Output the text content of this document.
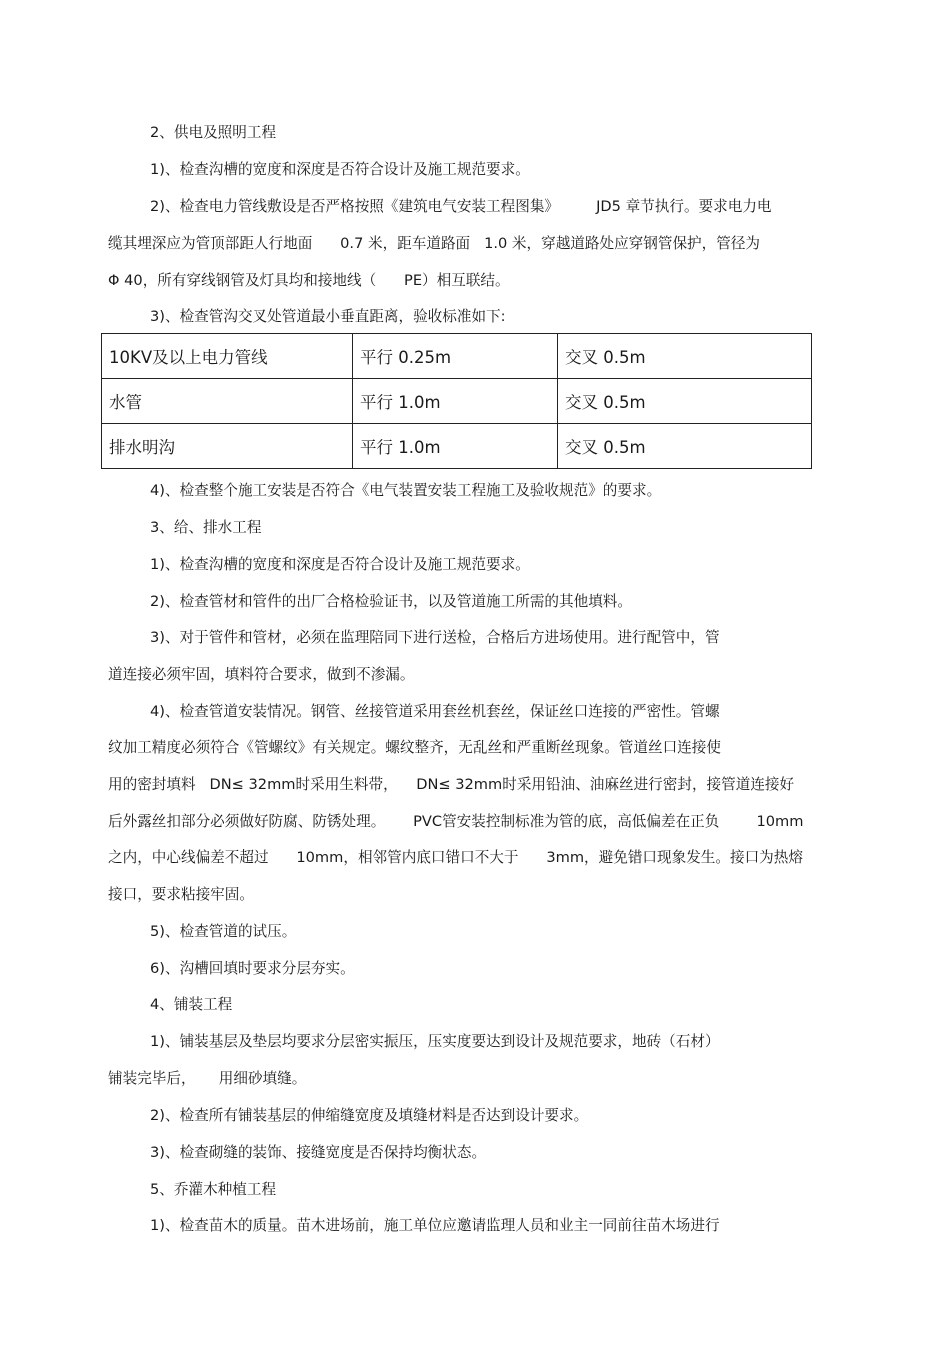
2、供电及照明工程
1)、检查沟槽的宽度和深度是否符合设计及施工规范要求。
2)、检查电力管线敷设是否严格按照《建筑电气安装工程图集》        JD5 章节执行。要求电力电
缆其埋深应为管顶部距人行地面      0.7 米，距车道路面   1.0 米，穿越道路处应穿钢管保护，管径为
Φ 40，所有穿线钢管及灯具均和接地线（      PE）相互联结。
3)、检查管沟交叉处管道最小垂直距离，验收标准如下:
10KV及以上电力管线	平行 0.25m	交叉 0.5m
水管	平行 1.0m	交叉 0.5m
排水明沟	平行 1.0m	交叉 0.5m
4)、检查整个施工安装是否符合《电气装置安装工程施工及验收规范》的要求。
3、给、排水工程
1)、检查沟槽的宽度和深度是否符合设计及施工规范要求。
2)、检查管材和管件的出厂合格检验证书，以及管道施工所需的其他填料。
3)、对于管件和管材，必须在监理陪同下进行送检，合格后方进场使用。进行配管中，管
道连接必须牢固，填料符合要求，做到不渗漏。
4)、检查管道安装情况。钢管、丝接管道采用套丝机套丝，保证丝口连接的严密性。管螺
纹加工精度必须符合《管螺纹》有关规定。螺纹整齐，无乱丝和严重断丝现象。管道丝口连接使
用的密封填料   DN≤ 32mm时采用生料带，    DN≤ 32mm时采用铅油、油麻丝进行密封，接管道连接好
后外露丝扣部分必须做好防腐、防锈处理。      PVC管安装控制标准为管的底，高低偏差在正负        10mm
之内，中心线偏差不超过      10mm，相邻管内底口错口不大于      3mm，避免错口现象发生。接口为热熔
接口，要求粘接牢固。
5)、检查管道的试压。
6)、沟槽回填时要求分层夯实。
4、铺装工程
1)、铺装基层及垫层均要求分层密实振压，压实度要达到设计及规范要求，地砖（石材）
铺装完毕后，     用细砂填缝。
2)、检查所有铺装基层的伸缩缝宽度及填缝材料是否达到设计要求。
3)、检查砌缝的装饰、接缝宽度是否保持均衡状态。
5、乔灌木种植工程
1)、检查苗木的质量。苗木进场前，施工单位应邀请监理人员和业主一同前往苗木场进行
